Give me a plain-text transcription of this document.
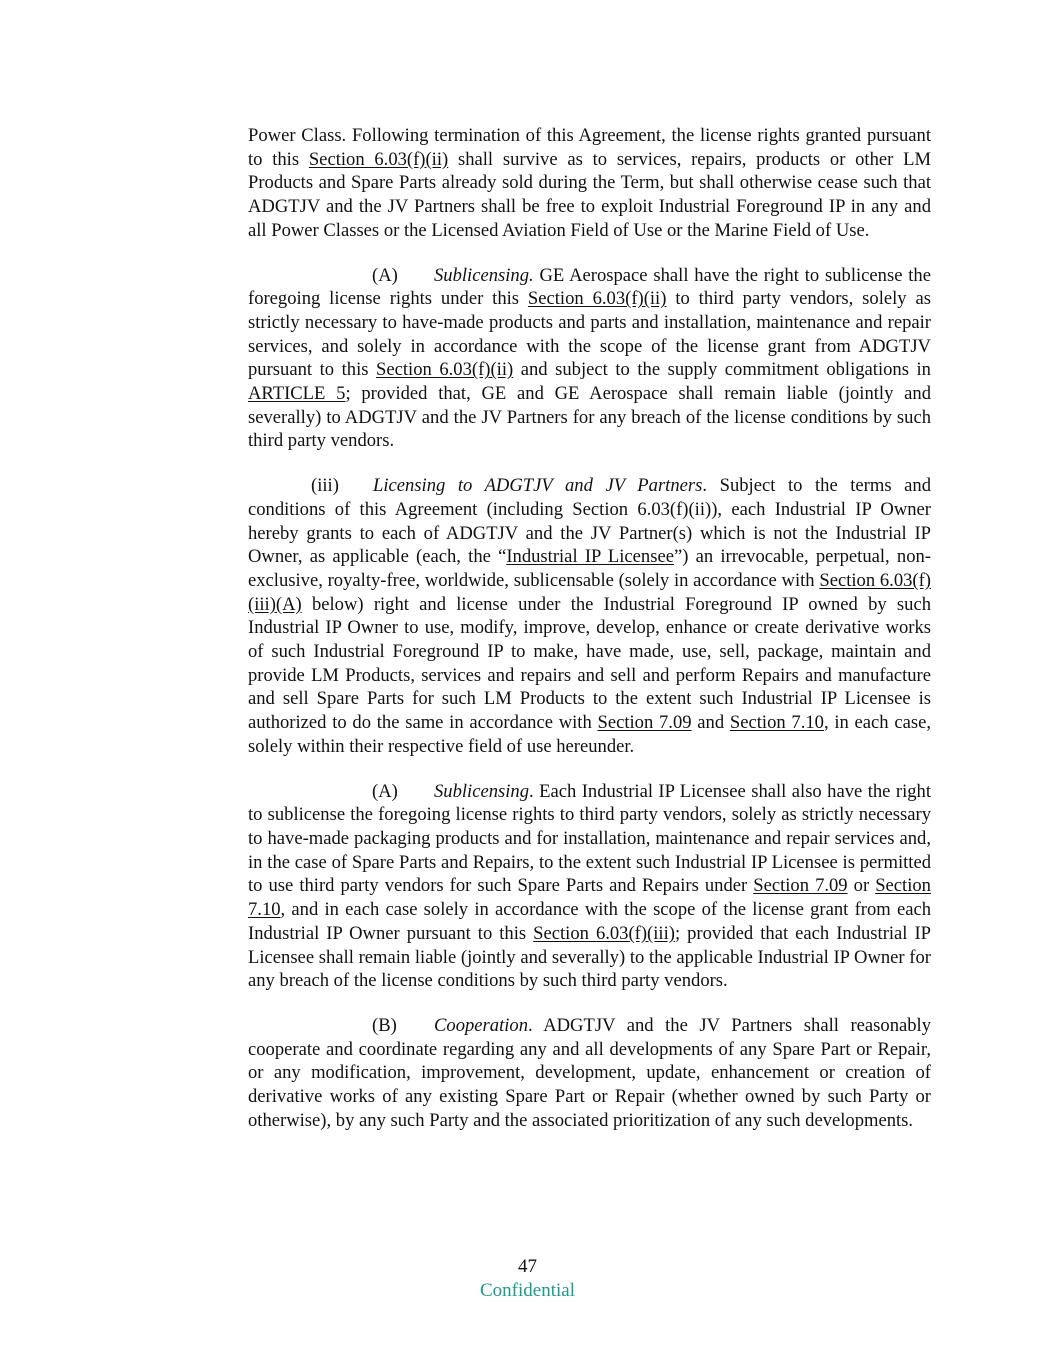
Power Class. Following termination of this Agreement, the license rights granted pursuant to this Section 6.03(f)(ii) shall survive as to services, repairs, products or other LM Products and Spare Parts already sold during the Term, but shall otherwise cease such that ADGTJV and the JV Partners shall be free to exploit Industrial Foreground IP in any and all Power Classes or the Licensed Aviation Field of Use or the Marine Field of Use.

(A) Sublicensing. GE Aerospace shall have the right to sublicense the foregoing license rights under this Section 6.03(f)(ii) to third party vendors, solely as strictly necessary to have-made products and parts and installation, maintenance and repair services, and solely in accordance with the scope of the license grant from ADGTJV pursuant to this Section 6.03(f)(ii) and subject to the supply commitment obligations in ARTICLE 5; provided that, GE and GE Aerospace shall remain liable (jointly and severally) to ADGTJV and the JV Partners for any breach of the license conditions by such third party vendors.

(iii) Licensing to ADGTJV and JV Partners. Subject to the terms and conditions of this Agreement (including Section 6.03(f)(ii)), each Industrial IP Owner hereby grants to each of ADGTJV and the JV Partner(s) which is not the Industrial IP Owner, as applicable (each, the “Industrial IP Licensee”) an irrevocable, perpetual, non-exclusive, royalty-free, worldwide, sublicensable (solely in accordance with Section 6.03(f)(iii)(A) below) right and license under the Industrial Foreground IP owned by such Industrial IP Owner to use, modify, improve, develop, enhance or create derivative works of such Industrial Foreground IP to make, have made, use, sell, package, maintain and provide LM Products, services and repairs and sell and perform Repairs and manufacture and sell Spare Parts for such LM Products to the extent such Industrial IP Licensee is authorized to do the same in accordance with Section 7.09 and Section 7.10, in each case, solely within their respective field of use hereunder.

(A) Sublicensing. Each Industrial IP Licensee shall also have the right to sublicense the foregoing license rights to third party vendors, solely as strictly necessary to have-made packaging products and for installation, maintenance and repair services and, in the case of Spare Parts and Repairs, to the extent such Industrial IP Licensee is permitted to use third party vendors for such Spare Parts and Repairs under Section 7.09 or Section 7.10, and in each case solely in accordance with the scope of the license grant from each Industrial IP Owner pursuant to this Section 6.03(f)(iii); provided that each Industrial IP Licensee shall remain liable (jointly and severally) to the applicable Industrial IP Owner for any breach of the license conditions by such third party vendors.

(B) Cooperation. ADGTJV and the JV Partners shall reasonably cooperate and coordinate regarding any and all developments of any Spare Part or Repair, or any modification, improvement, development, update, enhancement or creation of derivative works of any existing Spare Part or Repair (whether owned by such Party or otherwise), by any such Party and the associated prioritization of any such developments.

47
Confidential
